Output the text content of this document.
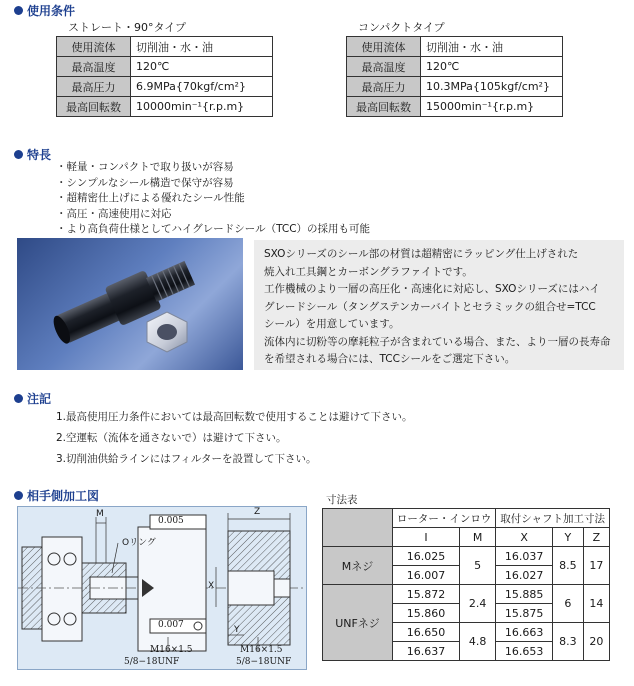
使用条件
ストレート・90°タイプ
使用流体	切削油・水・油
最高温度	120℃
最高圧力	6.9MPa{70kgf/cm²}
最高回転数	10000min⁻¹{r.p.m}
コンパクトタイプ
使用流体	切削油・水・油
最高温度	120℃
最高圧力	10.3MPa{105kgf/cm²}
最高回転数	15000min⁻¹{r.p.m}
特長
・軽量・コンパクトで取り扱いが容易
・シンプルなシール構造で保守が容易
・超精密仕上げによる優れたシール性能
・高圧・高速使用に対応
・より高負荷仕様としてハイグレードシール（TCC）の採用も可能
SXOシリーズのシール部の材質は超精密にラッピング仕上げされた
焼入れ工具鋼とカーボングラファイトです。
工作機械のより一層の高圧化・高速化に対応し、SXOシリーズにはハイ
グレードシール（タングステンカーバイトとセラミックの組合せ=TCC
シール）を用意しています。
流体内に切粉等の摩耗粒子が含まれている場合、また、より一層の長寿命
を希望される場合には、TCCシールをご選定下さい。
注記
1.最高使用圧力条件においては最高回転数で使用することは避けて下さい。
2.空運転（流体を通さないで）は避けて下さい。
3.切削油供給ラインにはフィルターを設置して下さい。
相手側加工図
M
Oリング
0.005
0.007
Z
X
Y
M16×1.5
5/8−18UNF
M16×1.5
5/8−18UNF
寸法表
	ローター・インロウ		取付シャフト加工寸法		
	I	M	X	Y	Z
Mネジ	16.025	5	16.037	8.5	17
	16.007		16.027		
UNFネジ	15.872	2.4	15.885	6	14
	15.860		15.875		
	16.650	4.8	16.663	8.3	20
	16.637		16.653		
